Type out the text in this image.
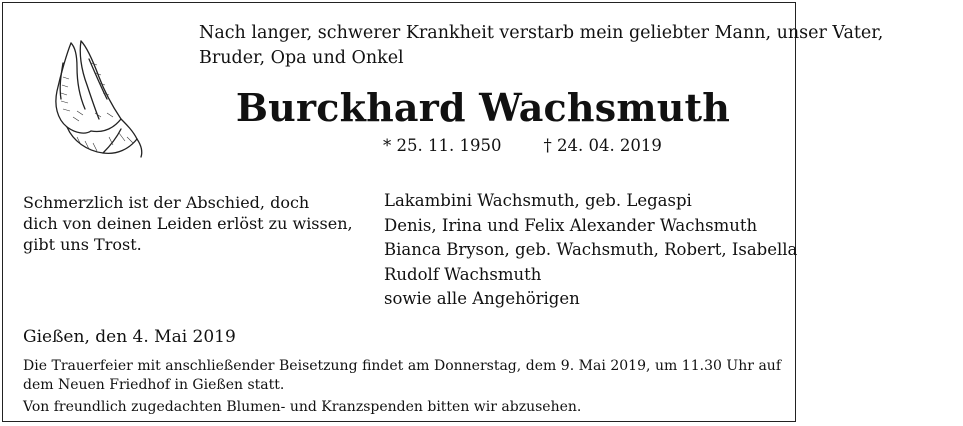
Nach langer, schwerer Krankheit verstarb mein geliebter Mann, unser Vater,
Bruder, Opa und Onkel
Burckhard Wachsmuth
* 25. 11. 1950	† 24. 04. 2019
Schmerzlich ist der Abschied, doch
dich von deinen Leiden erlöst zu wissen,
gibt uns Trost.
Lakambini Wachsmuth, geb. Legaspi
Denis, Irina und Felix Alexander Wachsmuth
Bianca Bryson, geb. Wachsmuth, Robert, Isabella
Rudolf Wachsmuth
sowie alle Angehörigen
Gießen, den 4. Mai 2019

Die Trauerfeier mit anschließender Beisetzung findet am Donnerstag, dem 9. Mai 2019, um 11.30 Uhr auf dem Neuen Friedhof in Gießen statt.

Von freundlich zugedachten Blumen- und Kranzspenden bitten wir abzusehen.
